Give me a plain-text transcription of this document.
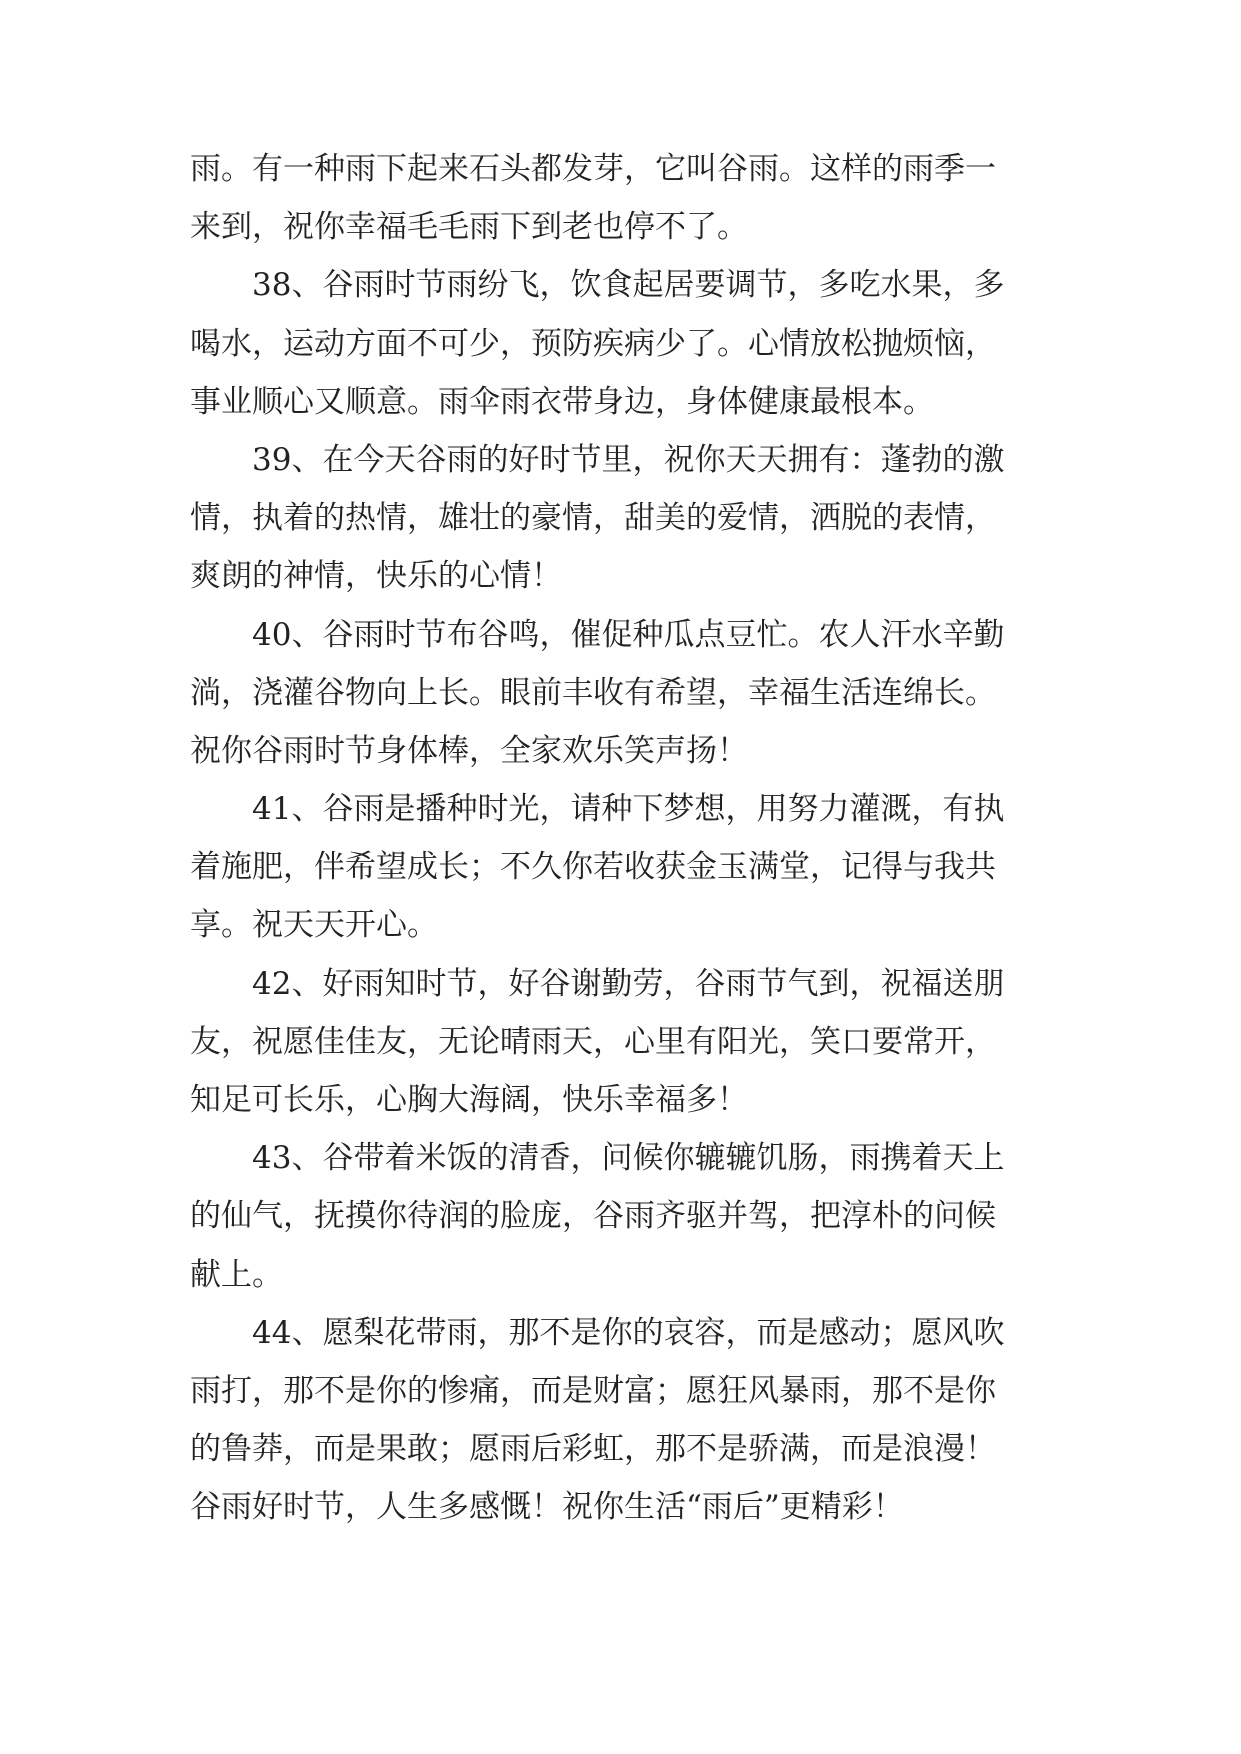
雨。有一种雨下起来石头都发芽，它叫谷雨。这样的雨季一
来到，祝你幸福毛毛雨下到老也停不了。
　　38、谷雨时节雨纷飞，饮食起居要调节，多吃水果，多
喝水，运动方面不可少，预防疾病少了。心情放松抛烦恼，
事业顺心又顺意。雨伞雨衣带身边，身体健康最根本。
　　39、在今天谷雨的好时节里，祝你天天拥有：蓬勃的激
情，执着的热情，雄壮的豪情，甜美的爱情，洒脱的表情，
爽朗的神情，快乐的心情！
　　40、谷雨时节布谷鸣，催促种瓜点豆忙。农人汗水辛勤
淌，浇灌谷物向上长。眼前丰收有希望，幸福生活连绵长。
祝你谷雨时节身体棒，全家欢乐笑声扬！
　　41、谷雨是播种时光，请种下梦想，用努力灌溉，有执
着施肥，伴希望成长；不久你若收获金玉满堂，记得与我共
享。祝天天开心。
　　42、好雨知时节，好谷谢勤劳，谷雨节气到，祝福送朋
友，祝愿佳佳友，无论晴雨天，心里有阳光，笑口要常开，
知足可长乐，心胸大海阔，快乐幸福多！
　　43、谷带着米饭的清香，问候你辘辘饥肠，雨携着天上
的仙气，抚摸你待润的脸庞，谷雨齐驱并驾，把淳朴的问候
献上。
　　44、愿梨花带雨，那不是你的哀容，而是感动；愿风吹
雨打，那不是你的惨痛，而是财富；愿狂风暴雨，那不是你
的鲁莽，而是果敢；愿雨后彩虹，那不是骄满，而是浪漫！
谷雨好时节，人生多感慨！祝你生活“雨后”更精彩！
